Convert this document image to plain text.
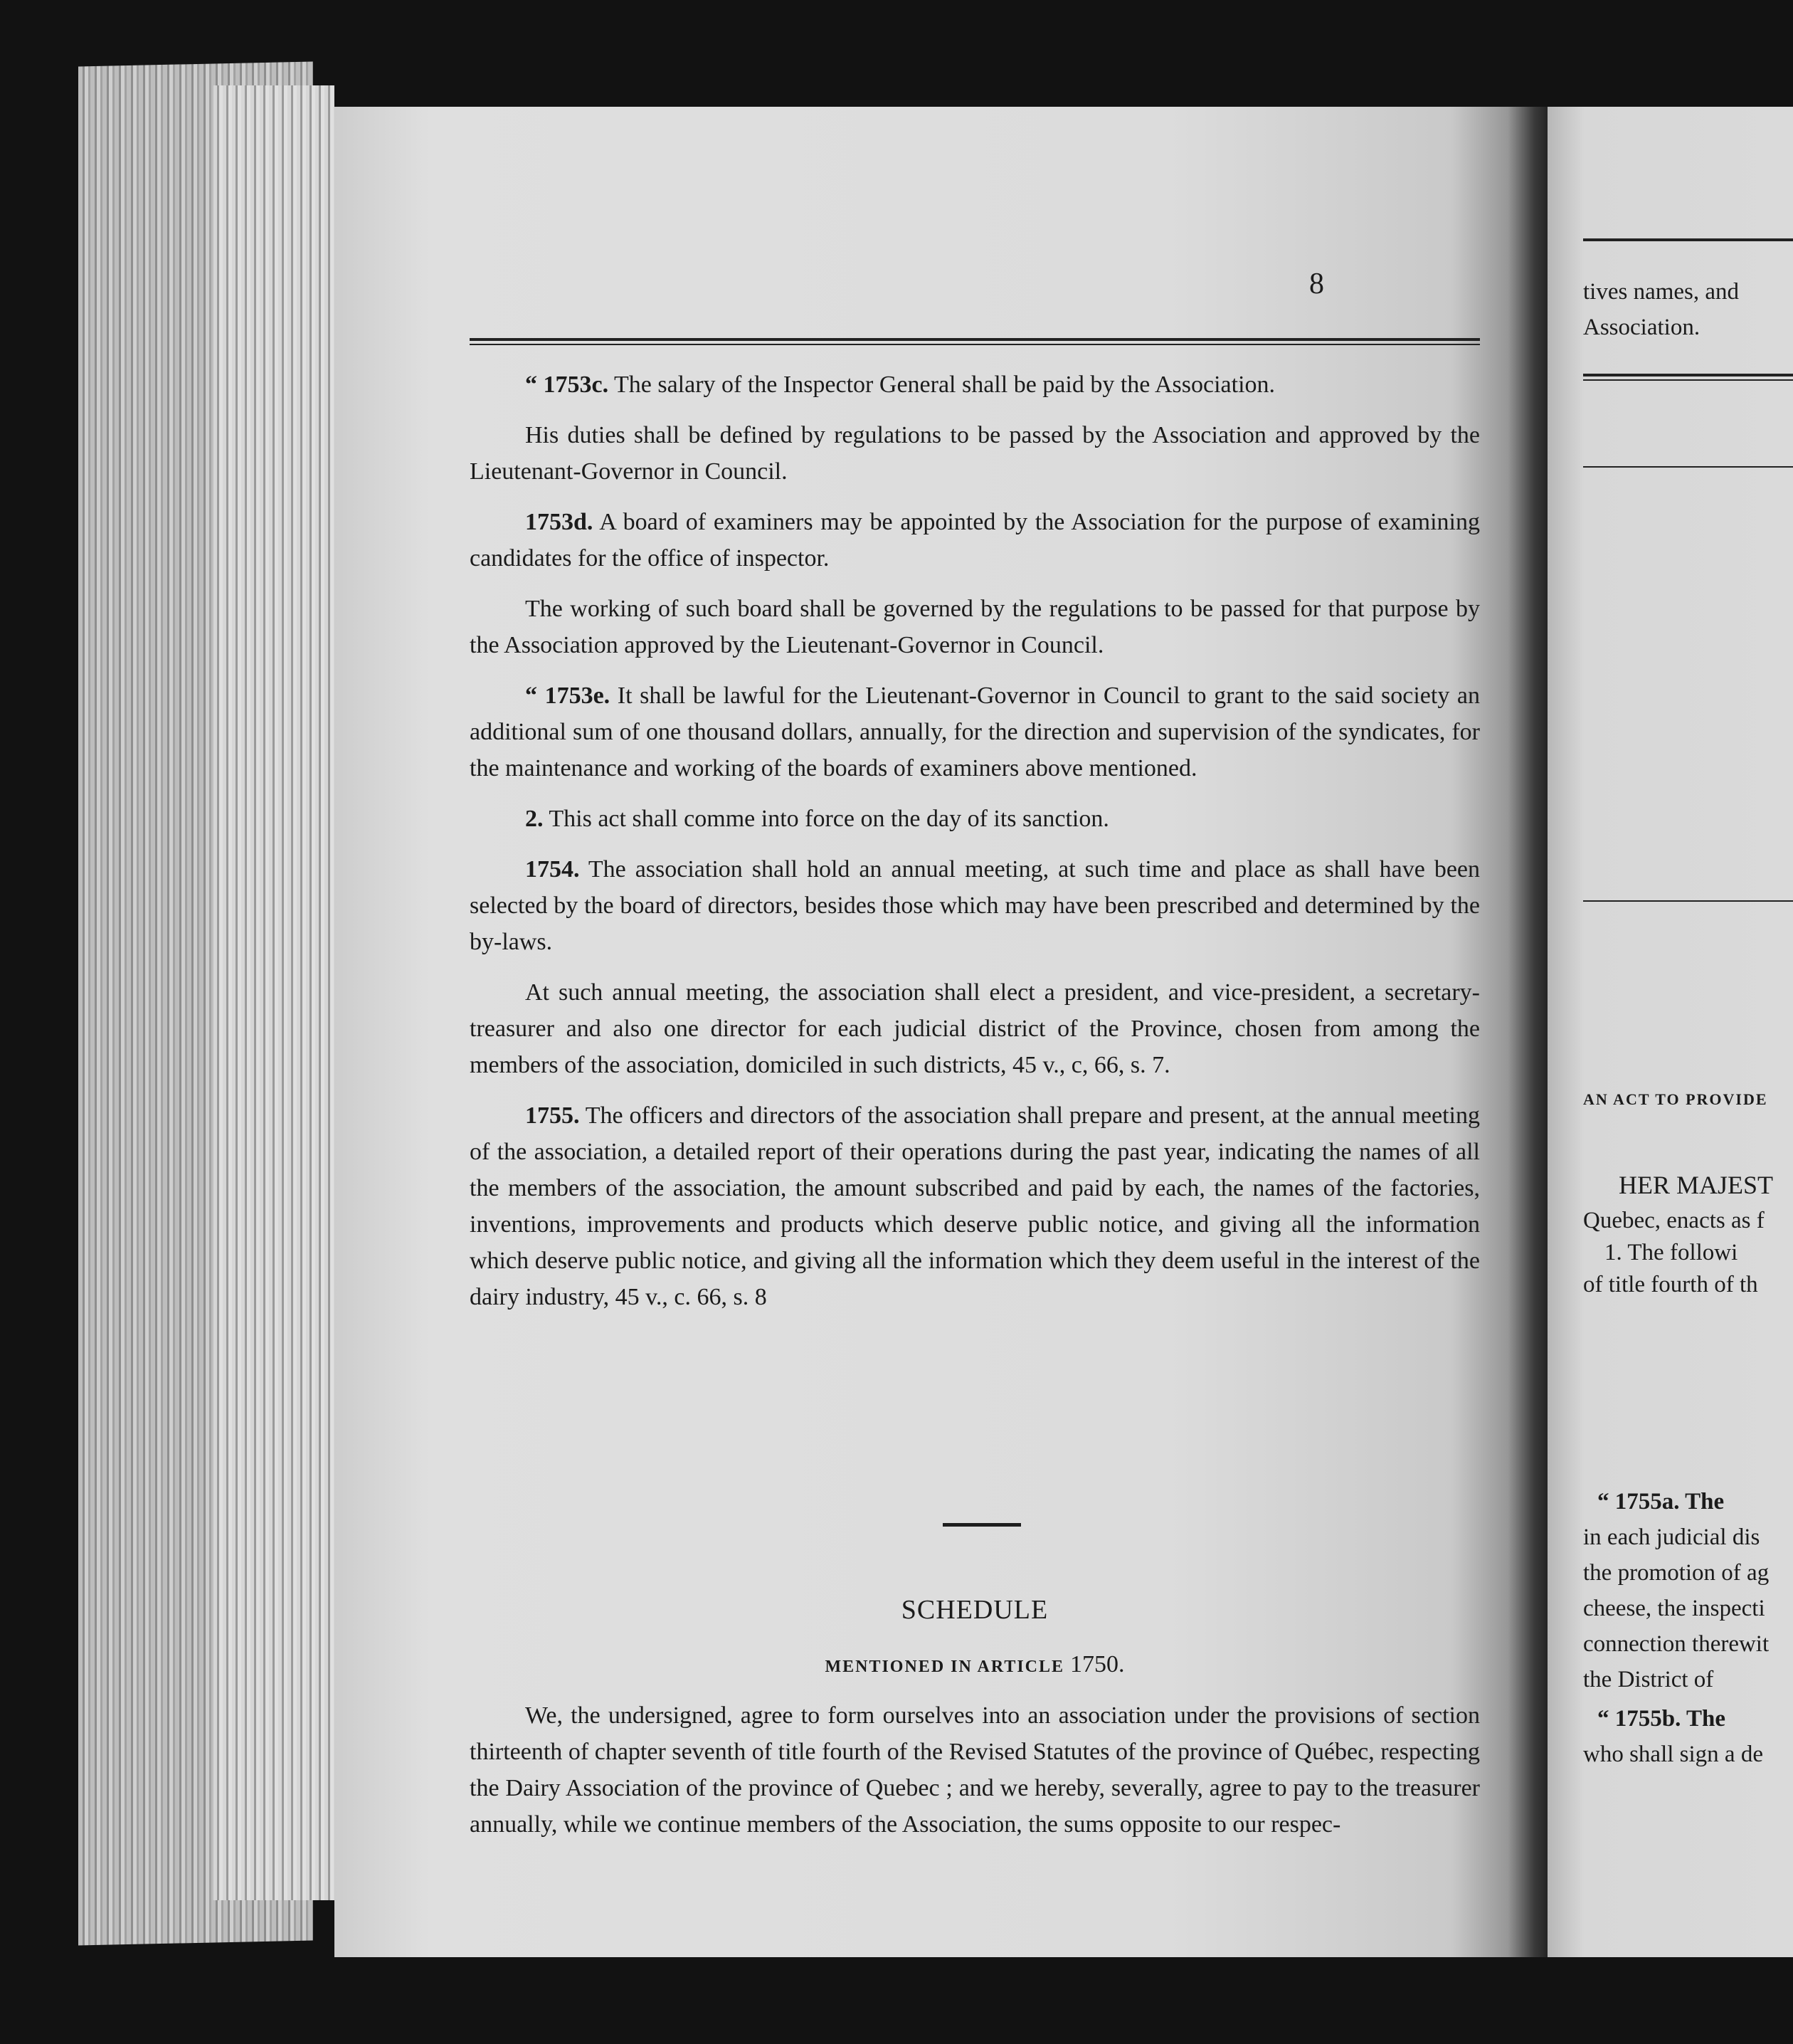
8

“ 1753c. The salary of the Inspector General shall be paid by the Association.

His duties shall be defined by regulations to be passed by the Association and approved by the Lieutenant-Governor in Council.

1753d. A board of examiners may be appointed by the Association for the purpose of examining candidates for the office of inspector.

The working of such board shall be governed by the regulations to be passed for that purpose by the Association approved by the Lieutenant-Governor in Council.

“ 1753e. It shall be lawful for the Lieutenant-Governor in Council to grant to the said society an additional sum of one thousand dollars, annually, for the direction and supervision of the syndicates, for the maintenance and working of the boards of examiners above mentioned.

2. This act shall comme into force on the day of its sanction.

1754. The association shall hold an annual meeting, at such time and place as shall have been selected by the board of directors, besides those which may have been prescribed and determined by the by-laws.

At such annual meeting, the association shall elect a president, and vice-president, a secretary-treasurer and also one director for each judicial district of the Province, chosen from among the members of the association, domiciled in such districts, 45 v., c, 66, s. 7.

1755. The officers and directors of the association shall prepare and present, at the annual meeting of the association, a detailed report of their operations during the past year, indicating the names of all the members of the association, the amount subscribed and paid by each, the names of the factories, inventions, improvements and products which deserve public notice, and giving all the information which deserve public notice, and giving all the information which they deem useful in the interest of the dairy industry, 45 v., c. 66, s. 8

SCHEDULE
MENTIONED IN ARTICLE 1750.

We, the undersigned, agree to form ourselves into an association under the provisions of section thirteenth of chapter seventh of title fourth of the Revised Statutes of the province of Québec, respecting the Dairy Association of the province of Quebec ; and we hereby, severally, agree to pay to the treasurer annually, while we continue members of the Association, the sums opposite to our respec-

tives names, and
Association.
AN ACT TO PROVIDE
HER MAJEST
Quebec, enacts as f
1. The followi
of title fourth of th
“ 1755a. The
in each judicial dis
the promotion of ag
cheese, the inspecti
connection therewit
the District of
“ 1755b. The
who shall sign a de
